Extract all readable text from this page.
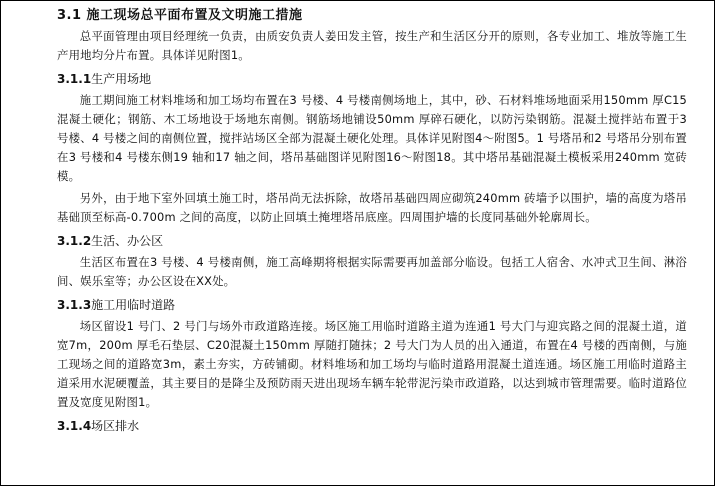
3.1 施工现场总平面布置及文明施工措施

总平面管理由项目经理统一负责，由质安负责人姜田发主管，按生产和生活区分开的原则，各专业加工、堆放等施工生产用地均分片布置。具体详见附图1。

3.1.1生产用场地

施工期间施工材料堆场和加工场均布置在3 号楼、4 号楼南侧场地上，其中，砂、石材料堆场地面采用150mm 厚C15 混凝土硬化；钢筋、木工场地设于场地东南侧。钢筋场地铺设50mm 厚碎石硬化，以防污染钢筋。混凝土搅拌站布置于3 号楼、4 号楼之间的南侧位置，搅拌站场区全部为混凝土硬化处理。具体详见附图4～附图5。1 号塔吊和2 号塔吊分别布置在3 号楼和4 号楼东侧19 轴和17 轴之间，塔吊基础图详见附图16～附图18。其中塔吊基础混凝土模板采用240mm 宽砖模。

另外，由于地下室外回填土施工时，塔吊尚无法拆除，故塔吊基础四周应砌筑240mm 砖墙予以围护，墙的高度为塔吊基础顶至标高-0.700m 之间的高度，以防止回填土掩埋塔吊底座。四周围护墙的长度同基础外轮廓周长。

3.1.2生活、办公区

生活区布置在3 号楼、4 号楼南侧，施工高峰期将根据实际需要再加盖部分临设。包括工人宿舍、水冲式卫生间、淋浴间、娱乐室等；办公区设在XX处。

3.1.3施工用临时道路

场区留设1 号门、2 号门与场外市政道路连接。场区施工用临时道路主道为连通1 号大门与迎宾路之间的混凝土道，道宽7m，200m 厚毛石垫层、C20混凝土150mm 厚随打随抹；2 号大门为人员的出入通道，布置在4 号楼的西南侧，与施工现场之间的道路宽3m，素土夯实，方砖铺砌。材料堆场和加工场均与临时道路用混凝土道连通。场区施工用临时道路主道采用水泥硬覆盖，其主要目的是降尘及预防雨天进出现场车辆车轮带泥污染市政道路，以达到城市管理需要。临时道路位置及宽度见附图1。

3.1.4场区排水
